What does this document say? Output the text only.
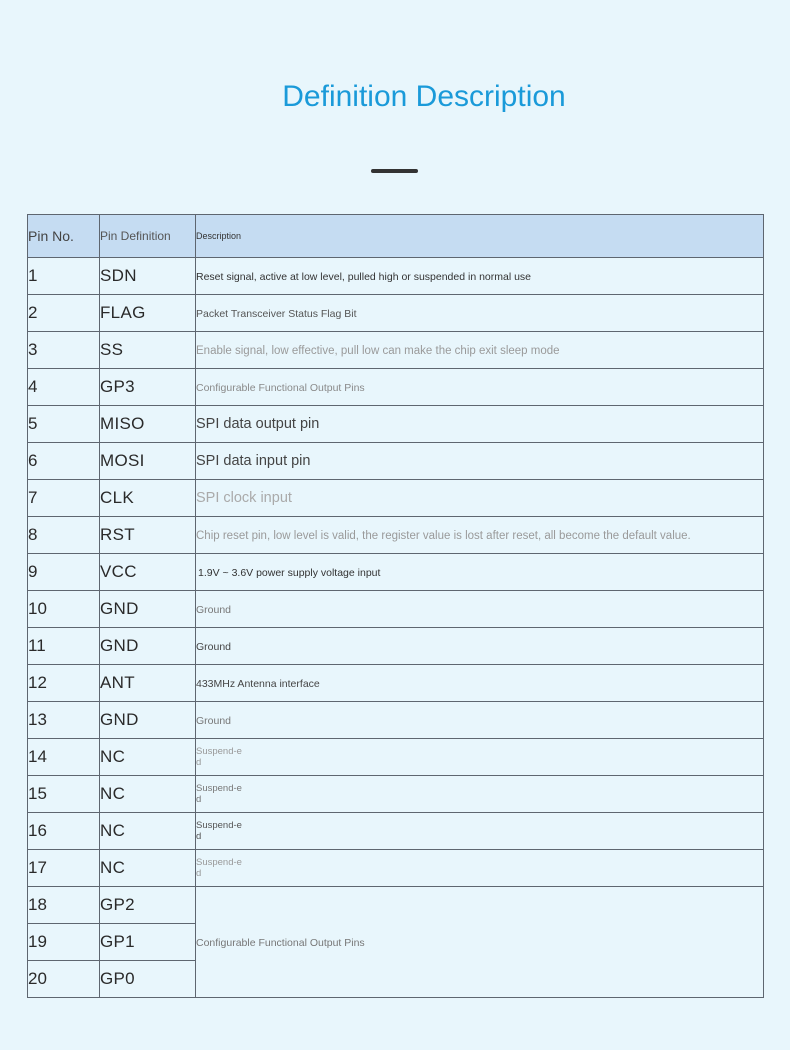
Definition Description
Pin No.	Pin Definition	Description
1	SDN	Reset signal, active at low level, pulled high or suspended in normal use
2	FLAG	Packet Transceiver Status Flag Bit
3	SS	Enable signal, low effective, pull low can make the chip exit sleep mode
4	GP3	Configurable Functional Output Pins
5	MISO	SPI data output pin
6	MOSI	SPI data input pin
7	CLK	SPI clock input
8	RST	Chip reset pin, low level is valid, the register value is lost after reset, all become the default value.
9	VCC	1.9V ~ 3.6V power supply voltage input
10	GND	Ground
11	GND	Ground
12	ANT	433MHz Antenna interface
13	GND	Ground
14	NC	Suspend-ed

15	NC	Suspend-ed

16	NC	Suspend-ed

17	NC	Suspend-ed

18	GP2	Configurable Functional Output Pins
19	GP1	
20	GP0	
